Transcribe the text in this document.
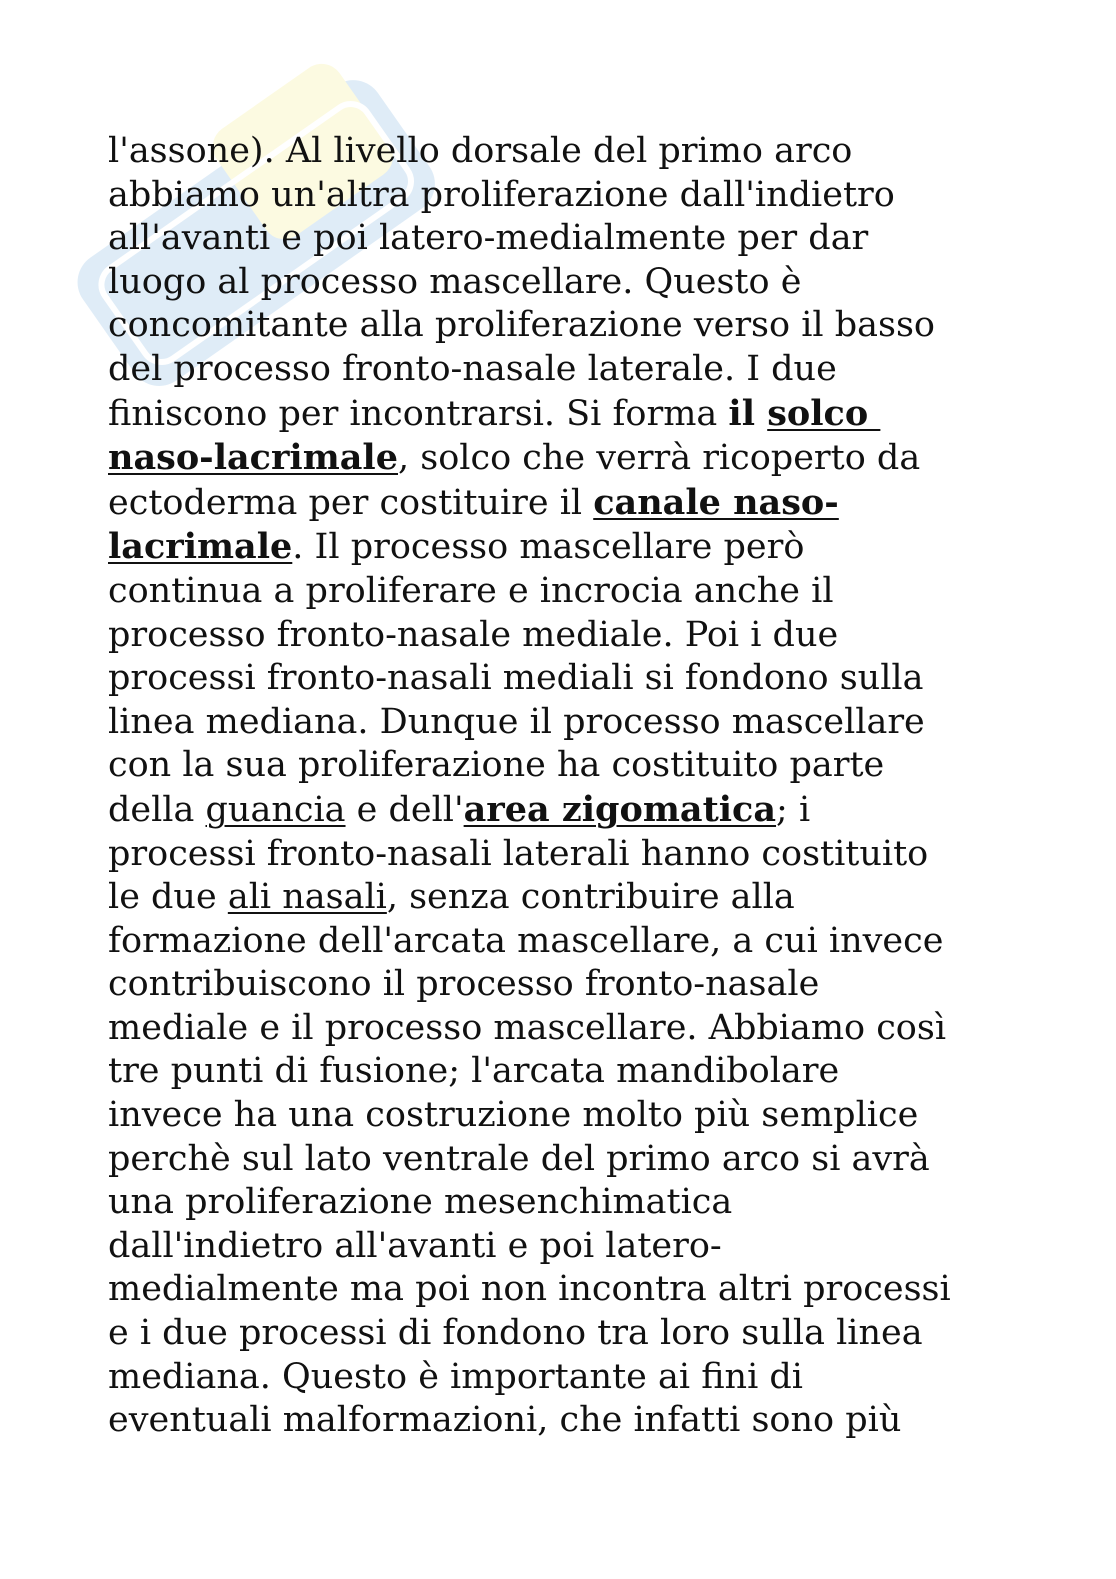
l'assone). Al livello dorsale del primo arco
abbiamo un'altra proliferazione dall'indietro
all'avanti e poi latero-medialmente per dar
luogo al processo mascellare. Questo è
concomitante alla proliferazione verso il basso
del processo fronto-nasale laterale. I due
finiscono per incontrarsi. Si forma il solco
naso-lacrimale, solco che verrà ricoperto da
ectoderma per costituire il canale naso-
lacrimale. Il processo mascellare però
continua a proliferare e incrocia anche il
processo fronto-nasale mediale. Poi i due
processi fronto-nasali mediali si fondono sulla
linea mediana. Dunque il processo mascellare
con la sua proliferazione ha costituito parte
della guancia e dell'area zigomatica; i
processi fronto-nasali laterali hanno costituito
le due ali nasali, senza contribuire alla
formazione dell'arcata mascellare, a cui invece
contribuiscono il processo fronto-nasale
mediale e il processo mascellare. Abbiamo così
tre punti di fusione; l'arcata mandibolare
invece ha una costruzione molto più semplice
perchè sul lato ventrale del primo arco si avrà
una proliferazione mesenchimatica
dall'indietro all'avanti e poi latero-
medialmente ma poi non incontra altri processi
e i due processi di fondono tra loro sulla linea
mediana. Questo è importante ai fini di
eventuali malformazioni, che infatti sono più
